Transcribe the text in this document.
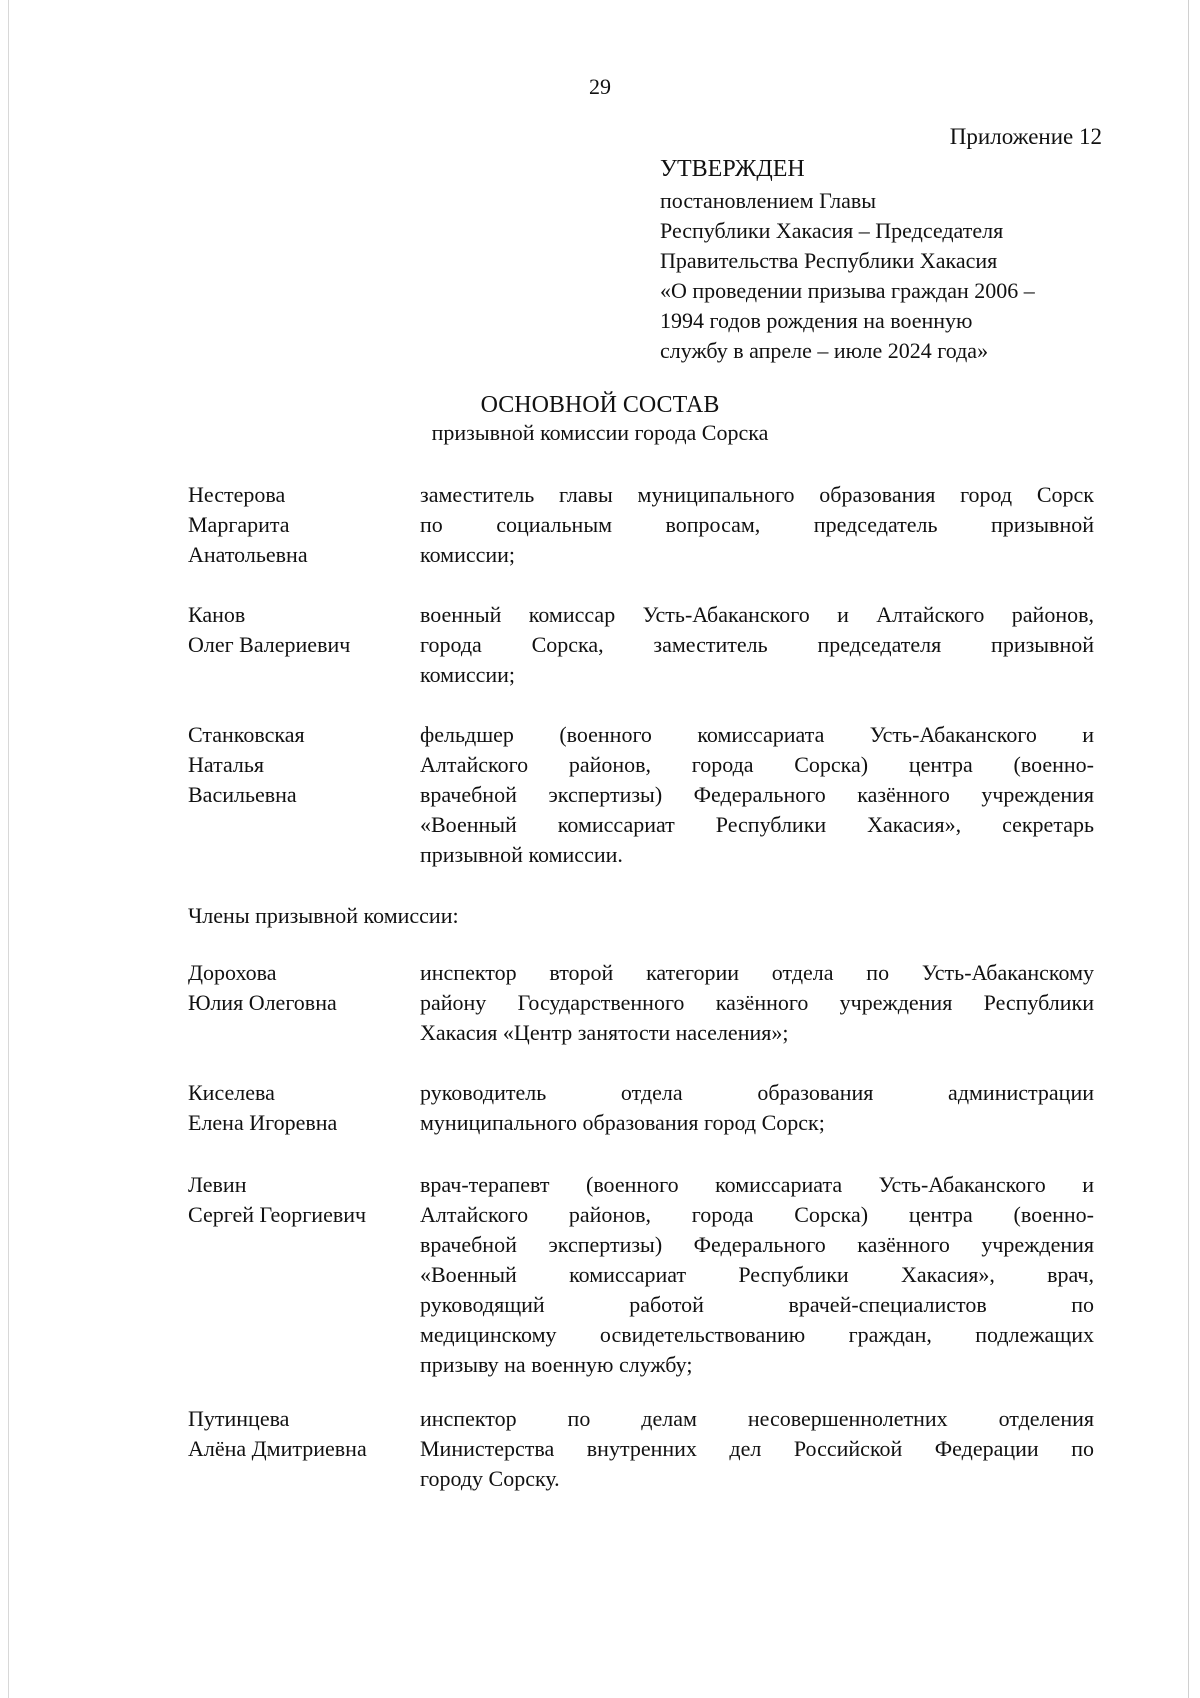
29
Приложение 12
УТВЕРЖДЕН
постановлением Главы
Республики Хакасия – Председателя
Правительства Республики Хакасия
«О проведении призыва граждан 2006 –
1994 годов рождения на военную
службу в апреле – июле 2024 года»
ОСНОВНОЙ СОСТАВ
призывной комиссии города Сорска
Нестерова
Маргарита
Анатольевна
заместитель главы муниципального образования город Сорск
по социальным вопросам, председатель призывной
комиссии;
Канов
Олег Валериевич
военный комиссар Усть-Абаканского и Алтайского районов,
города Сорска, заместитель председателя призывной
комиссии;
Станковская
Наталья
Васильевна
фельдшер (военного комиссариата Усть-Абаканского и
Алтайского районов, города Сорска) центра (военно-
врачебной экспертизы) Федерального казённого учреждения
«Военный комиссариат Республики Хакасия», секретарь
призывной комиссии.
Члены призывной комиссии:
Дорохова
Юлия Олеговна
инспектор второй категории отдела по Усть-Абаканскому
району Государственного казённого учреждения Республики
Хакасия «Центр занятости населения»;
Киселева
Елена Игоревна
руководитель отдела образования администрации
муниципального образования город Сорск;
Левин
Сергей Георгиевич
врач-терапевт (военного комиссариата Усть-Абаканского и
Алтайского районов, города Сорска) центра (военно-
врачебной экспертизы) Федерального казённого учреждения
«Военный комиссариат Республики Хакасия», врач,
руководящий работой врачей-специалистов по
медицинскому освидетельствованию граждан, подлежащих
призыву на военную службу;
Путинцева
Алёна Дмитриевна
инспектор по делам несовершеннолетних отделения
Министерства внутренних дел Российской Федерации по
городу Сорску.
